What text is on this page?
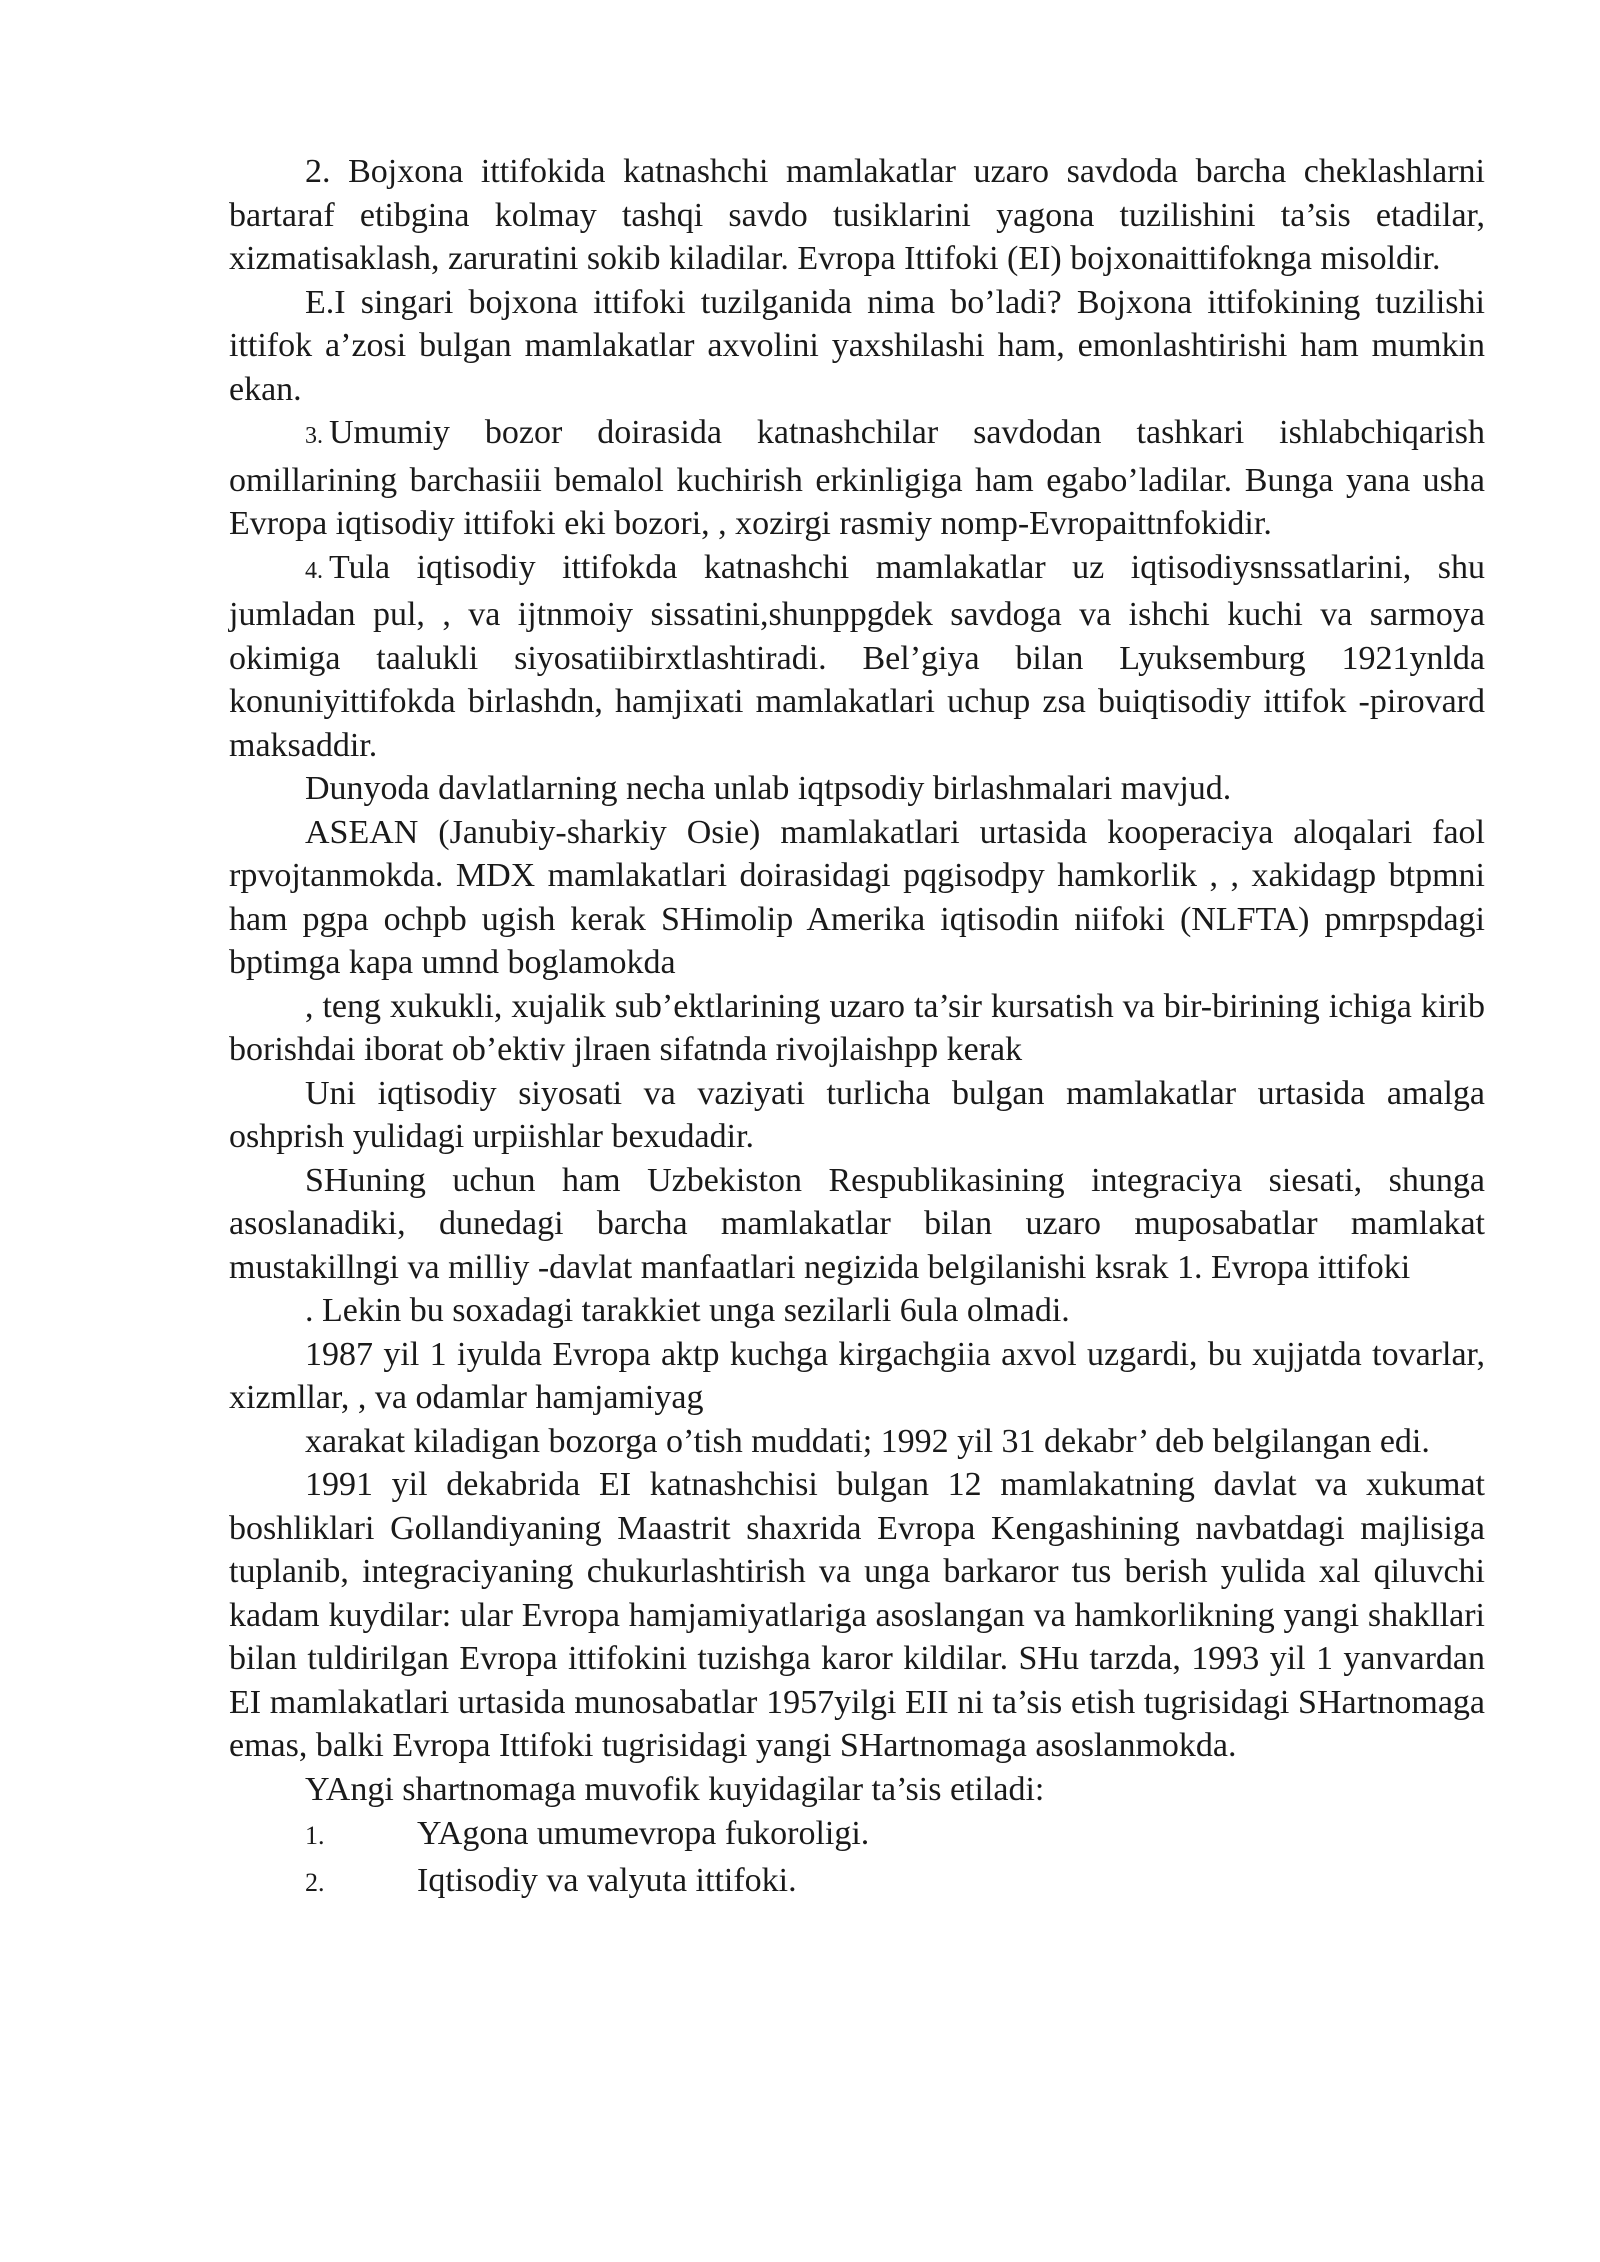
2. Bojxona ittifokida katnashchi mamlakatlar uzaro savdoda barcha cheklashlarni bartaraf etibgina kolmay tashqi savdo tusiklarini yagona tuzilishini ta’sis etadilar, xizmatisaklash, zaruratini sokib kiladilar. Evropa Ittifoki (EI) bojxonaittifokngа misoldir.

E.I singari bojxona ittifoki tuzilganida nima bo’ladi? Bojxona ittifokining tuzilishi ittifok a’zosi bulgan mamlakatlar axvolini yaxshilashi ham, emonlashtirishi ham mumkin ekan.

3. Umumiy bozor doirasida katnashchilar savdodan tashkari ishlabchiqarish omillarining barchasiii bemalol kuchirish erkinligiga ham egabo’ladilar. Bunga yana usha Evropa iqtisodiy ittifoki eki bozori, , xozirgi rasmiy nomp-Evropaittnfokidir.

4. Tula iqtisodiy ittifokda katnashchi mamlakatlar uz iqtisodiysnssatlarini, shu jumladan pul, , va ijtnmoiy sissatini,shunppgdek savdoga va ishchi kuchi va sarmoya okimiga taalukli siyosatiibirxtlashtiradi. Bel’giya bilan Lyuksemburg 1921ynlda konuniyittifokda birlashdn, hamjixati mamlakatlari uchup zsa buiqtisodiy ittifok -pirovard maksaddir.

Dunyoda davlatlarning necha unlab iqtpsodiy birlashmalari mavjud.

ASEAN (Janubiy-sharkiy Osie) mamlakatlari urtasida kooperaciya aloqalari faol rpvojtanmokda. MDX mamlakatlari doirasidagi pqgisodpy hamkorlik , , xakidagp btpmni ham pgpa ochpb ugish kerak SHimolip Amerika iqtisodin niifoki (NLFTA) pmrpspdagi bptimga kapa umnd boglamokda

, teng xukukli, xujalik sub’ektlarining uzaro ta’sir kursatish va bir-birining ichiga kirib borishdai iborat ob’ektiv jlraen sifatnda rivojlaishpp kerak

Uni iqtisodiy siyosati va vaziyati turlicha bulgan mamlakatlar urtasida amalga oshprish yulidagi urpiishlar bexudadir.

SHuning uchun ham Uzbekiston Respublikasining integraciya siesati, shunga asoslanadiki, dunedagi barcha mamlakatlar bilan uzaro muposabatlar mamlakat mustakillngi va milliy -davlat manfaatlari negizida belgilanishi ksrak 1. Evropa ittifoki

. Lekin bu soxadagi tarakkiet unga sezilarli 6ula olmadi.

1987 yil 1 iyulda Evropa aktp kuchga kirgachgiia axvol uzgardi, bu xujjatda tovarlar, xizmllar, , va odamlar hamjamiyag

xarakat kiladigan bozorga o’tish muddati; 1992 yil 31 dekabr’ deb belgilangan edi.

1991 yil dekabrida EI katnashchisi bulgan 12 mamlakatning davlat va xukumat boshliklari Gollandiyaning Maastrit shaxrida Evropa Kengashining navbatdagi majlisiga tuplanib, integraciyaning chukurlashtirish va unga barkaror tus berish yulida xal qiluvchi kadam kuydilar: ular Evropa hamjamiyatlariga asoslangan va hamkorlikning yangi shakllari bilan tuldirilgan Evropa ittifokini tuzishga karor kildilar. SHu tarzda, 1993 yil 1 yanvardan EI mamlakatlari urtasida munosabatlar 1957yilgi EII ni ta’sis etish tugrisidagi SHartnomaga emas, balki Evropa Ittifoki tugrisidagi yangi SHartnomaga asoslanmokda.

YAngi shartnomaga muvofik kuyidagilar ta’sis etiladi:

1.	YAgona umumevropa fukoroligi.

2.	Iqtisodiy va valyuta ittifoki.
